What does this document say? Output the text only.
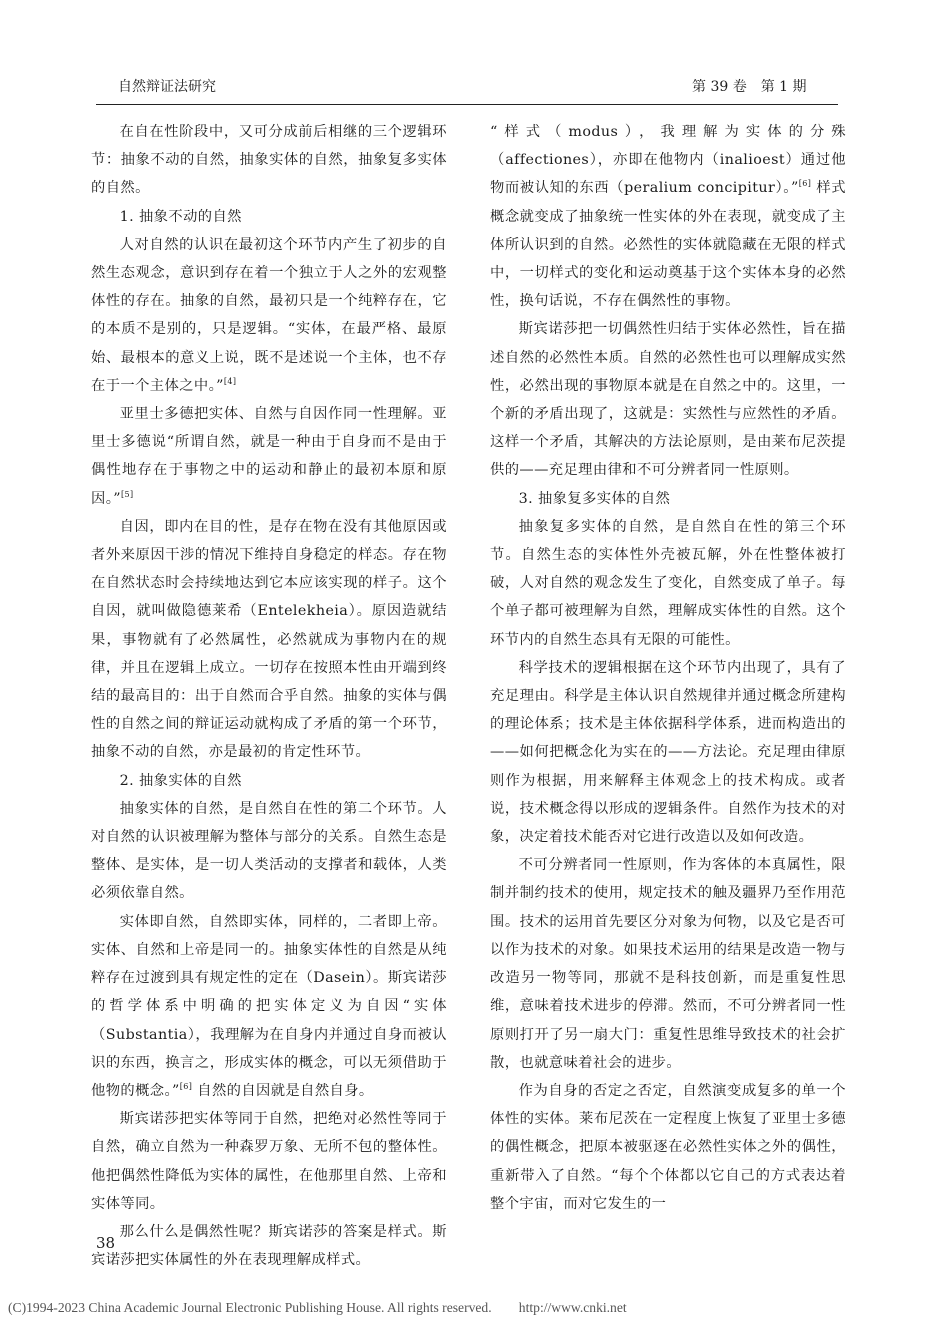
自然辩证法研究	第 39 卷　第 1 期

在自在性阶段中，又可分成前后相继的三个逻辑环节：抽象不动的自然，抽象实体的自然，抽象复多实体的自然。

1. 抽象不动的自然

人对自然的认识在最初这个环节内产生了初步的自然生态观念，意识到存在着一个独立于人之外的宏观整体性的存在。抽象的自然，最初只是一个纯粹存在，它的本质不是别的，只是逻辑。“实体，在最严格、最原始、最根本的意义上说，既不是述说一个主体，也不存在于一个主体之中。”[4]

亚里士多德把实体、自然与自因作同一性理解。亚里士多德说“所谓自然，就是一种由于自身而不是由于偶性地存在于事物之中的运动和静止的最初本原和原因。”[5]

自因，即内在目的性，是存在物在没有其他原因或者外来原因干涉的情况下维持自身稳定的样态。存在物在自然状态时会持续地达到它本应该实现的样子。这个自因，就叫做隐德莱希（Entelekheia）。原因造就结果，事物就有了必然属性，必然就成为事物内在的规律，并且在逻辑上成立。一切存在按照本性由开端到终结的最高目的：出于自然而合乎自然。抽象的实体与偶性的自然之间的辩证运动就构成了矛盾的第一个环节，抽象不动的自然，亦是最初的肯定性环节。

2. 抽象实体的自然

抽象实体的自然，是自然自在性的第二个环节。人对自然的认识被理解为整体与部分的关系。自然生态是整体、是实体，是一切人类活动的支撑者和载体，人类必须依靠自然。

实体即自然，自然即实体，同样的，二者即上帝。实体、自然和上帝是同一的。抽象实体性的自然是从纯粹存在过渡到具有规定性的定在（Dasein）。斯宾诺莎的哲学体系中明确的把实体定义为自因“实体（Substantia），我理解为在自身内并通过自身而被认识的东西，换言之，形成实体的概念，可以无须借助于他物的概念。”[6] 自然的自因就是自然自身。

斯宾诺莎把实体等同于自然，把绝对必然性等同于自然，确立自然为一种森罗万象、无所不包的整体性。他把偶然性降低为实体的属性，在他那里自然、上帝和实体等同。

那么什么是偶然性呢？斯宾诺莎的答案是样式。斯宾诺莎把实体属性的外在表现理解成样式。

“样式（modus），我理解为实体的分殊（affectiones），亦即在他物内（inalioest）通过他物而被认知的东西（peralium concipitur）。”[6] 样式概念就变成了抽象统一性实体的外在表现，就变成了主体所认识到的自然。必然性的实体就隐藏在无限的样式中，一切样式的变化和运动奠基于这个实体本身的必然性，换句话说，不存在偶然性的事物。

斯宾诺莎把一切偶然性归结于实体必然性，旨在描述自然的必然性本质。自然的必然性也可以理解成实然性，必然出现的事物原本就是在自然之中的。这里，一个新的矛盾出现了，这就是：实然性与应然性的矛盾。这样一个矛盾，其解决的方法论原则，是由莱布尼茨提供的——充足理由律和不可分辨者同一性原则。

3. 抽象复多实体的自然

抽象复多实体的自然，是自然自在性的第三个环节。自然生态的实体性外壳被瓦解，外在性整体被打破，人对自然的观念发生了变化，自然变成了单子。每个单子都可被理解为自然，理解成实体性的自然。这个环节内的自然生态具有无限的可能性。

科学技术的逻辑根据在这个环节内出现了，具有了充足理由。科学是主体认识自然规律并通过概念所建构的理论体系；技术是主体依据科学体系，进而构造出的——如何把概念化为实在的——方法论。充足理由律原则作为根据，用来解释主体观念上的技术构成。或者说，技术概念得以形成的逻辑条件。自然作为技术的对象，决定着技术能否对它进行改造以及如何改造。

不可分辨者同一性原则，作为客体的本真属性，限制并制约技术的使用，规定技术的触及疆界乃至作用范围。技术的运用首先要区分对象为何物，以及它是否可以作为技术的对象。如果技术运用的结果是改造一物与改造另一物等同，那就不是科技创新，而是重复性思维，意味着技术进步的停滞。然而，不可分辨者同一性原则打开了另一扇大门：重复性思维导致技术的社会扩散，也就意味着社会的进步。

作为自身的否定之否定，自然演变成复多的单一个体性的实体。莱布尼茨在一定程度上恢复了亚里士多德的偶性概念，把原本被驱逐在必然性实体之外的偶性，重新带入了自然。“每个个体都以它自己的方式表达着整个宇宙，而对它发生的一

38
(C)1994-2023 China Academic Journal Electronic Publishing House. All rights reserved.　　http://www.cnki.net
